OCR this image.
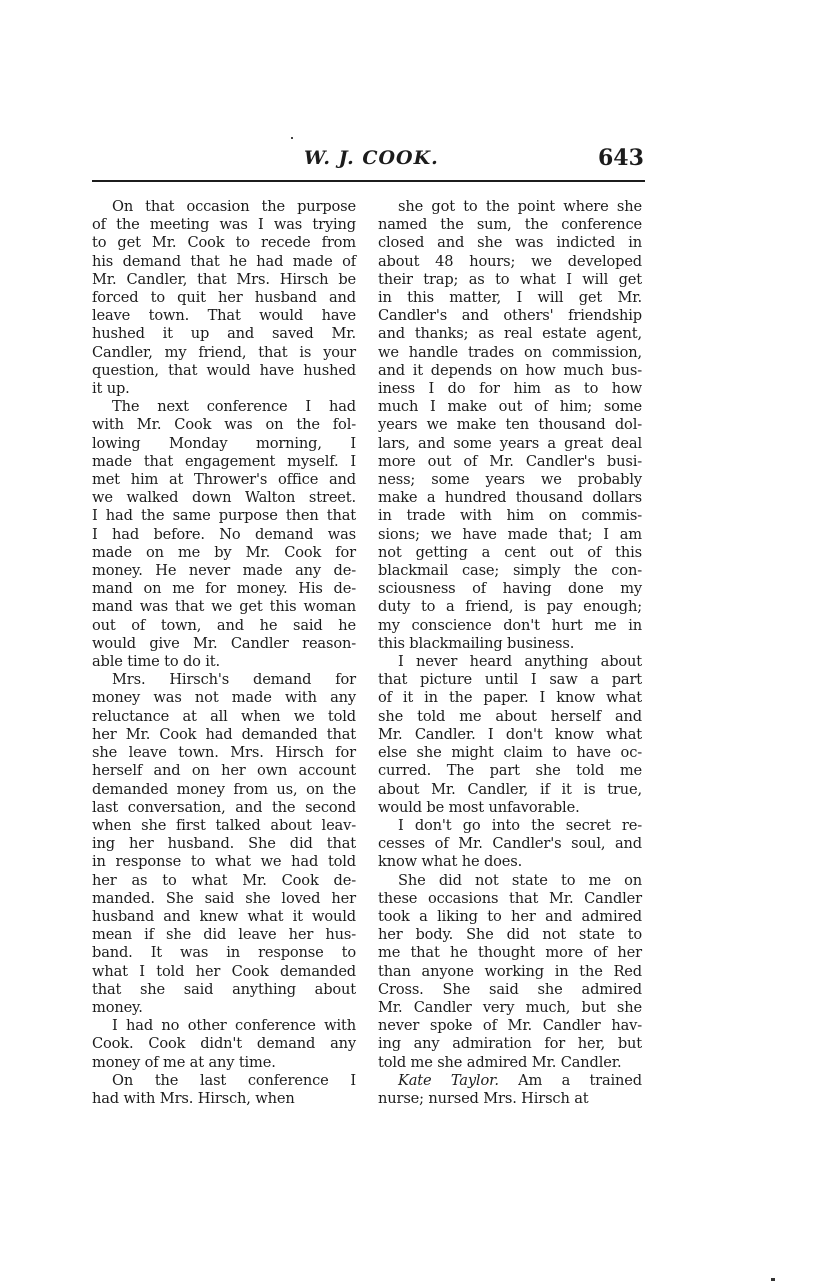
W. J. COOK.	643
On that occasion the purpose
of the meeting was I was trying
to get Mr. Cook to recede from
his demand that he had made of
Mr. Candler, that Mrs. Hirsch be
forced to quit her husband and
leave town. That would have
hushed it up and saved Mr.
Candler, my friend, that is your
question, that would have hushed
it up.
The next conference I had
with Mr. Cook was on the fol-
lowing Monday morning, I
made that engagement myself. I
met him at Thrower's office and
we walked down Walton street.
I had the same purpose then that
I had before. No demand was
made on me by Mr. Cook for
money. He never made any de-
mand on me for money. His de-
mand was that we get this woman
out of town, and he said he
would give Mr. Candler reason-
able time to do it.
Mrs. Hirsch's demand for
money was not made with any
reluctance at all when we told
her Mr. Cook had demanded that
she leave town. Mrs. Hirsch for
herself and on her own account
demanded money from us, on the
last conversation, and the second
when she first talked about leav-
ing her husband. She did that
in response to what we had told
her as to what Mr. Cook de-
manded. She said she loved her
husband and knew what it would
mean if she did leave her hus-
band. It was in response to
what I told her Cook demanded
that she said anything about
money.
I had no other conference with
Cook. Cook didn't demand any
money of me at any time.
On the last conference I
had with Mrs. Hirsch, when
she got to the point where she
named the sum, the conference
closed and she was indicted in
about 48 hours; we developed
their trap; as to what I will get
in this matter, I will get Mr.
Candler's and others' friendship
and thanks; as real estate agent,
we handle trades on commission,
and it depends on how much bus-
iness I do for him as to how
much I make out of him; some
years we make ten thousand dol-
lars, and some years a great deal
more out of Mr. Candler's busi-
ness; some years we probably
make a hundred thousand dollars
in trade with him on commis-
sions; we have made that; I am
not getting a cent out of this
blackmail case; simply the con-
sciousness of having done my
duty to a friend, is pay enough;
my conscience don't hurt me in
this blackmailing business.
I never heard anything about
that picture until I saw a part
of it in the paper. I know what
she told me about herself and
Mr. Candler. I don't know what
else she might claim to have oc-
curred. The part she told me
about Mr. Candler, if it is true,
would be most unfavorable.
I don't go into the secret re-
cesses of Mr. Candler's soul, and
know what he does.
She did not state to me on
these occasions that Mr. Candler
took a liking to her and admired
her body. She did not state to
me that he thought more of her
than anyone working in the Red
Cross. She said she admired
Mr. Candler very much, but she
never spoke of Mr. Candler hav-
ing any admiration for her, but
told me she admired Mr. Candler.
Kate Taylor. Am a trained
nurse; nursed Mrs. Hirsch at
